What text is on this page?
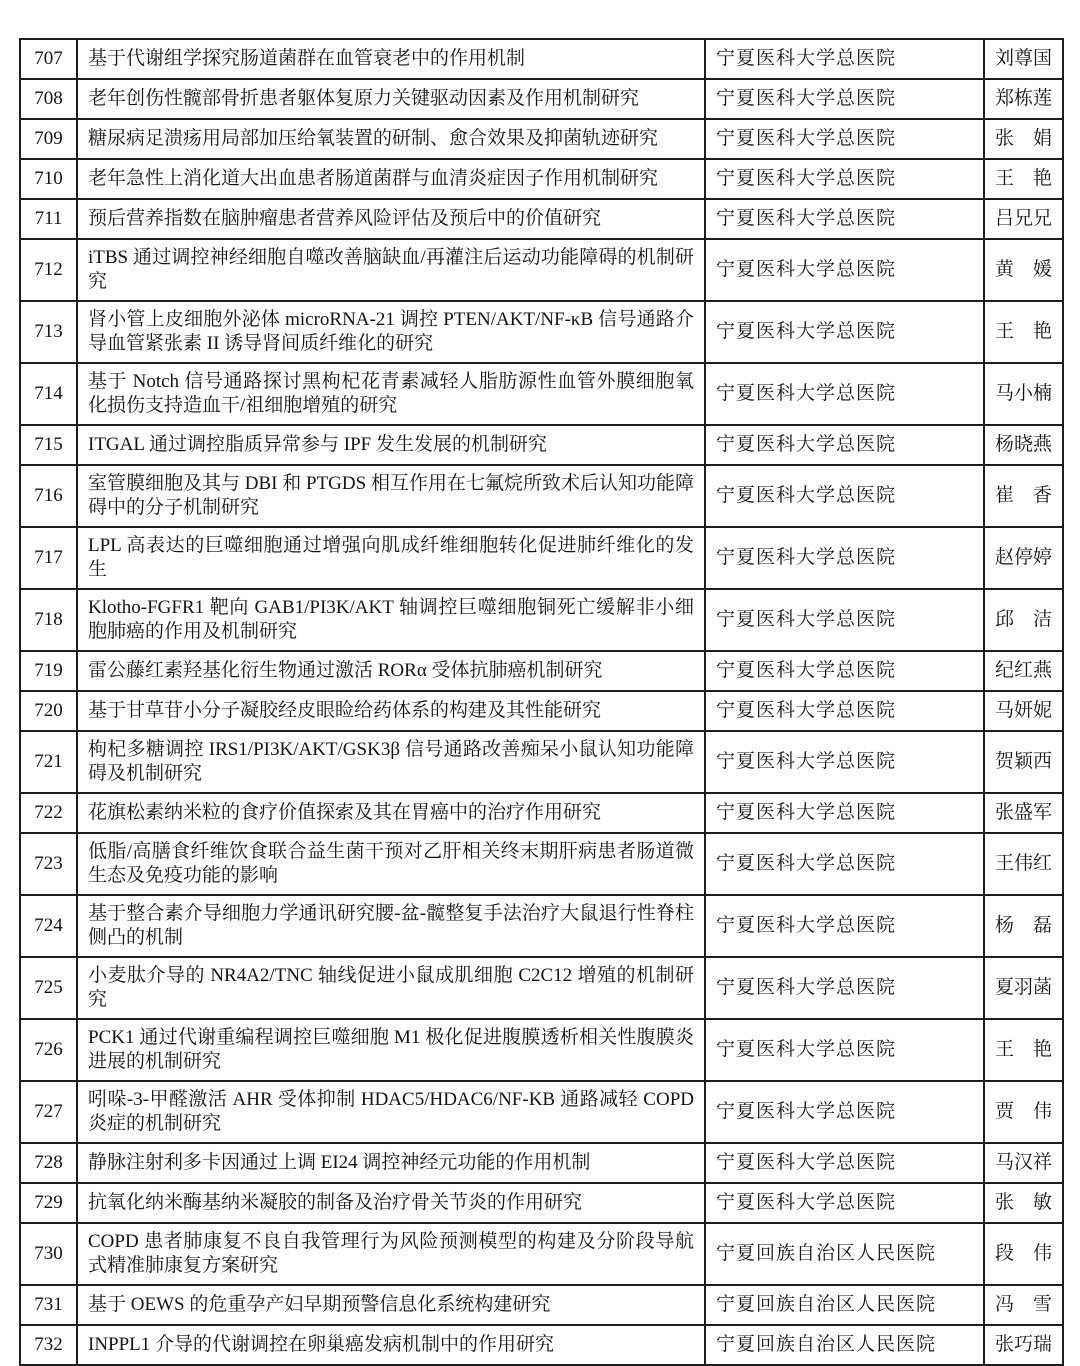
707	基于代谢组学探究肠道菌群在血管衰老中的作用机制	宁夏医科大学总医院	刘尊国
708	老年创伤性髋部骨折患者躯体复原力关键驱动因素及作用机制研究	宁夏医科大学总医院	郑栋莲
709	糖尿病足溃疡用局部加压给氧装置的研制、愈合效果及抑菌轨迹研究	宁夏医科大学总医院	张　娟
710	老年急性上消化道大出血患者肠道菌群与血清炎症因子作用机制研究	宁夏医科大学总医院	王　艳
711	预后营养指数在脑肿瘤患者营养风险评估及预后中的价值研究	宁夏医科大学总医院	吕兄兄
712	iTBS 通过调控神经细胞自噬改善脑缺血/再灌注后运动功能障碍的机制研究	宁夏医科大学总医院	黄　媛
713	肾小管上皮细胞外泌体 microRNA-21 调控 PTEN/AKT/NF-κB 信号通路介导血管紧张素 II 诱导肾间质纤维化的研究	宁夏医科大学总医院	王　艳
714	基于 Notch 信号通路探讨黑枸杞花青素减轻人脂肪源性血管外膜细胞氧化损伤支持造血干/祖细胞增殖的研究	宁夏医科大学总医院	马小楠
715	ITGAL 通过调控脂质异常参与 IPF 发生发展的机制研究	宁夏医科大学总医院	杨晓燕
716	室管膜细胞及其与 DBI 和 PTGDS 相互作用在七氟烷所致术后认知功能障碍中的分子机制研究	宁夏医科大学总医院	崔　香
717	LPL 高表达的巨噬细胞通过增强向肌成纤维细胞转化促进肺纤维化的发生	宁夏医科大学总医院	赵停婷
718	Klotho-FGFR1 靶向 GAB1/PI3K/AKT 轴调控巨噬细胞铜死亡缓解非小细胞肺癌的作用及机制研究	宁夏医科大学总医院	邱　洁
719	雷公藤红素羟基化衍生物通过激活 RORα 受体抗肺癌机制研究	宁夏医科大学总医院	纪红燕
720	基于甘草苷小分子凝胶经皮眼睑给药体系的构建及其性能研究	宁夏医科大学总医院	马妍妮
721	枸杞多糖调控 IRS1/PI3K/AKT/GSK3β 信号通路改善痴呆小鼠认知功能障碍及机制研究	宁夏医科大学总医院	贺颖西
722	花旗松素纳米粒的食疗价值探索及其在胃癌中的治疗作用研究	宁夏医科大学总医院	张盛军
723	低脂/高膳食纤维饮食联合益生菌干预对乙肝相关终末期肝病患者肠道微生态及免疫功能的影响	宁夏医科大学总医院	王伟红
724	基于整合素介导细胞力学通讯研究腰-盆-髋整复手法治疗大鼠退行性脊柱侧凸的机制	宁夏医科大学总医院	杨　磊
725	小麦肽介导的 NR4A2/TNC 轴线促进小鼠成肌细胞 C2C12 增殖的机制研究	宁夏医科大学总医院	夏羽菡
726	PCK1 通过代谢重编程调控巨噬细胞 M1 极化促进腹膜透析相关性腹膜炎进展的机制研究	宁夏医科大学总医院	王　艳
727	吲哚-3-甲醛激活 AHR 受体抑制 HDAC5/HDAC6/NF-KB 通路减轻 COPD 炎症的机制研究	宁夏医科大学总医院	贾　伟
728	静脉注射利多卡因通过上调 EI24 调控神经元功能的作用机制	宁夏医科大学总医院	马汉祥
729	抗氧化纳米酶基纳米凝胶的制备及治疗骨关节炎的作用研究	宁夏医科大学总医院	张　敏
730	COPD 患者肺康复不良自我管理行为风险预测模型的构建及分阶段导航式精准肺康复方案研究	宁夏回族自治区人民医院	段　伟
731	基于 OEWS 的危重孕产妇早期预警信息化系统构建研究	宁夏回族自治区人民医院	冯　雪
732	INPPL1 介导的代谢调控在卵巢癌发病机制中的作用研究	宁夏回族自治区人民医院	张巧瑞
